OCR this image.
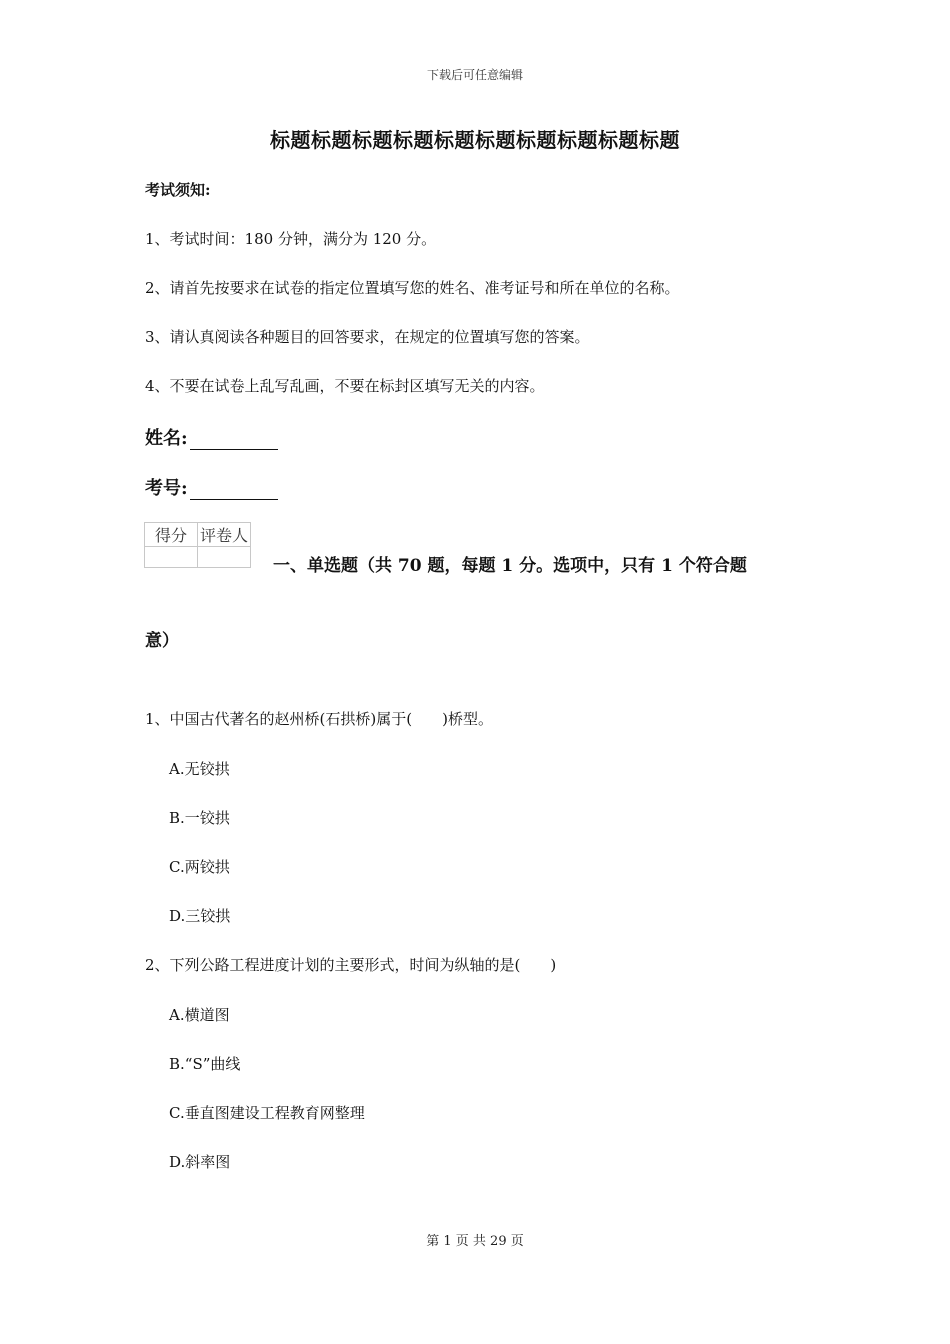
下载后可任意编辑
标题标题标题标题标题标题标题标题标题标题
考试须知:
1、考试时间：180 分钟，满分为 120 分。
2、请首先按要求在试卷的指定位置填写您的姓名、准考证号和所在单位的名称。
3、请认真阅读各种题目的回答要求，在规定的位置填写您的答案。
4、不要在试卷上乱写乱画，不要在标封区填写无关的内容。
姓名:
考号:
得分	评卷人

一、单选题（共 70 题，每题 1 分。选项中，只有 1 个符合题
意）
1、中国古代著名的赵州桥(石拱桥)属于(　　)桥型。
A.无铰拱
B.一铰拱
C.两铰拱
D.三铰拱
2、下列公路工程进度计划的主要形式，时间为纵轴的是(　　)
A.横道图
B.“S”曲线
C.垂直图建设工程教育网整理
D.斜率图
第 1 页 共 29 页
